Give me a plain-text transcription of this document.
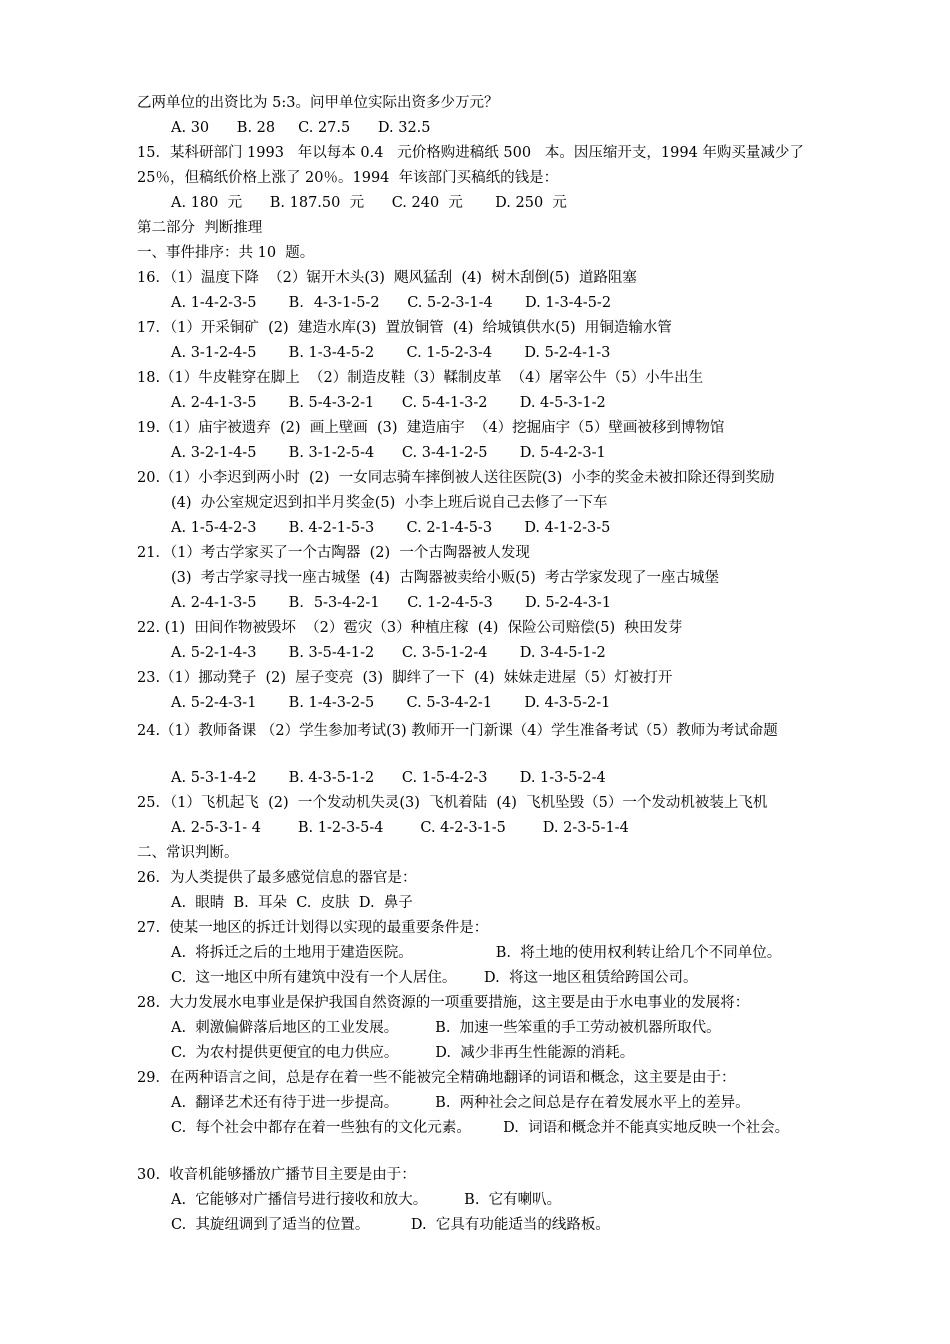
乙两单位的出资比为 5:3。问甲单位实际出资多少万元？
A. 30      B. 28     C. 27.5      D. 32.5
15．某科研部门 1993   年以每本 0.4   元价格购进稿纸 500   本。因压缩开支，1994 年购买量减少了
25％，但稿纸价格上涨了 20％。1994  年该部门买稿纸的钱是：
A. 180  元      B. 187.50  元      C. 240  元       D. 250  元
第二部分  判断推理
一、事件排序：共 10  题。
16．（1）温度下降  （2）锯开木头(3)  飓风猛刮  (4)  树木刮倒(5)  道路阻塞
A. 1-4-2-3-5       B．4-3-1-5-2      C. 5-2-3-1-4       D. 1-3-4-5-2
17．（1）开采铜矿  (2)  建造水库(3)  置放铜管  (4)  给城镇供水(5)  用铜造输水管
A. 3-1-2-4-5       B. 1-3-4-5-2       C. 1-5-2-3-4       D. 5-2-4-1-3
18.（1）牛皮鞋穿在脚上  （2）制造皮鞋（3）鞣制皮革  （4）屠宰公牛（5）小牛出生
A. 2-4-1-3-5       B. 5-4-3-2-1      C. 5-4-1-3-2       D. 4-5-3-1-2
19.（1）庙宇被遗弃  (2)  画上壁画  (3)  建造庙宇  （4）挖掘庙宇（5）壁画被移到博物馆
A. 3-2-1-4-5       B. 3-1-2-5-4      C. 3-4-1-2-5       D. 5-4-2-3-1
20.（1）小李迟到两小时  (2)  一女同志骑车摔倒被人送往医院(3)  小李的奖金未被扣除还得到奖励
(4)  办公室规定迟到扣半月奖金(5)  小李上班后说自己去修了一下车
A. 1-5-4-2-3       B. 4-2-1-5-3       C. 2-1-4-5-3       D. 4-1-2-3-5
21．（1）考古学家买了一个古陶器  (2)  一个古陶器被人发现
(3)  考古学家寻找一座古城堡  (4)  古陶器被卖给小贩(5)  考古学家发现了一座古城堡
A. 2-4-1-3-5       B．5-3-4-2-1      C. 1-2-4-5-3       D. 5-2-4-3-1
22. (1)  田间作物被毁坏  （2）雹灾（3）种植庄稼  (4)  保险公司赔偿(5)  秧田发芽
A. 5-2-1-4-3       B. 3-5-4-1-2      C. 3-5-1-2-4       D. 3-4-5-1-2
23.（1）挪动凳子  (2)  屋子变亮  (3)  脚绊了一下  (4)  妹妹走进屋（5）灯被打开
A. 5-2-4-3-1       B. 1-4-3-2-5       C. 5-3-4-2-1       D. 4-3-5-2-1
24.（1）教师备课 （2）学生参加考试(3) 教师开一门新课（4）学生准备考试（5）教师为考试命题
A. 5-3-1-4-2       B. 4-3-5-1-2      C. 1-5-4-2-3       D. 1-3-5-2-4
25．（1）飞机起飞  (2)  一个发动机失灵(3)  飞机着陆  (4)  飞机坠毁（5）一个发动机被装上飞机
A. 2-5-3-1- 4        B. 1-2-3-5-4        C. 4-2-3-1-5        D. 2-3-5-1-4
二、常识判断。
26．为人类提供了最多感觉信息的器官是：
A.  眼睛  B.  耳朵  C.  皮肤  D.  鼻子
27.  使某一地区的拆迁计划得以实现的最重要条件是：
A.  将拆迁之后的土地用于建造医院。                  B.  将土地的使用权利转让给几个不同单位。
C.  这一地区中所有建筑中没有一个人居住。      D.  将这一地区租赁给跨国公司。
28.  大力发展水电事业是保护我国自然资源的一项重要措施，这主要是由于水电事业的发展将：
A.  刺激偏僻落后地区的工业发展。        B.  加速一些笨重的手工劳动被机器所取代。
C.  为农村提供更便宜的电力供应。        D.  减少非再生性能源的消耗。
29．在两种语言之间，总是存在着一些不能被完全精确地翻译的词语和概念，这主要是由于：
A.  翻译艺术还有待于进一步提高。        B.  两种社会之间总是存在着发展水平上的差异。
C.  每个社会中都存在着一些独有的文化元素。       D.  词语和概念并不能真实地反映一个社会。
30.  收音机能够播放广播节目主要是由于：
A.  它能够对广播信号进行接收和放大。        B.  它有喇叭。
C.  其旋纽调到了适当的位置。         D.  它具有功能适当的线路板。
